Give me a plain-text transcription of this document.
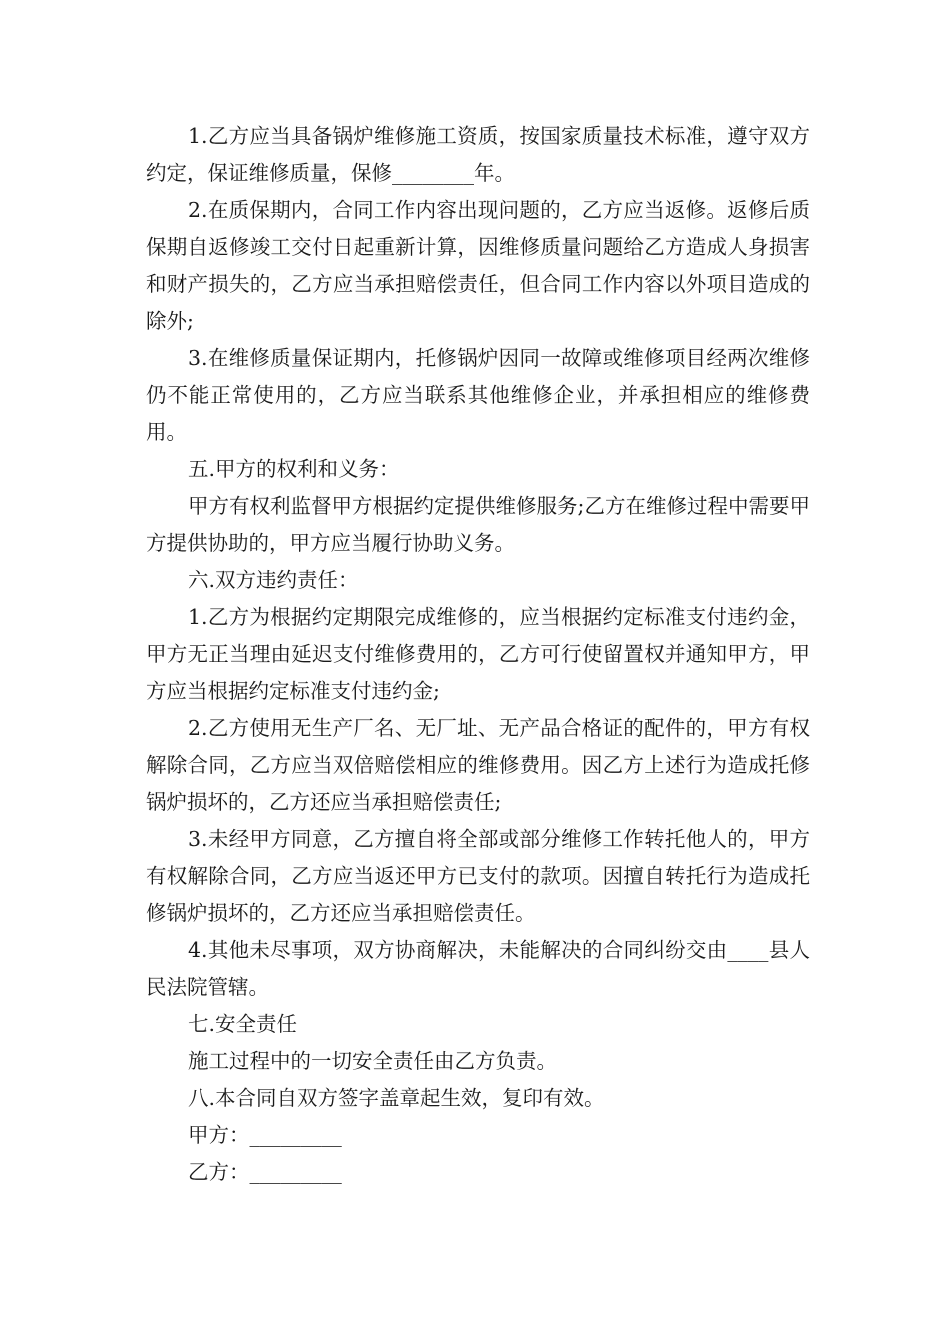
1.乙方应当具备锅炉维修施工资质，按国家质量技术标准，遵守双方约定，保证维修质量，保修________年。

2.在质保期内，合同工作内容出现问题的，乙方应当返修。返修后质保期自返修竣工交付日起重新计算，因维修质量问题给乙方造成人身损害和财产损失的，乙方应当承担赔偿责任，但合同工作内容以外项目造成的除外;

3.在维修质量保证期内，托修锅炉因同一故障或维修项目经两次维修仍不能正常使用的，乙方应当联系其他维修企业，并承担相应的维修费用。

五.甲方的权利和义务：

甲方有权利监督甲方根据约定提供维修服务;乙方在维修过程中需要甲方提供协助的，甲方应当履行协助义务。

六.双方违约责任：

1.乙方为根据约定期限完成维修的，应当根据约定标准支付违约金，甲方无正当理由延迟支付维修费用的，乙方可行使留置权并通知甲方，甲方应当根据约定标准支付违约金;

2.乙方使用无生产厂名、无厂址、无产品合格证的配件的，甲方有权解除合同，乙方应当双倍赔偿相应的维修费用。因乙方上述行为造成托修锅炉损坏的，乙方还应当承担赔偿责任;

3.未经甲方同意，乙方擅自将全部或部分维修工作转托他人的，甲方有权解除合同，乙方应当返还甲方已支付的款项。因擅自转托行为造成托修锅炉损坏的，乙方还应当承担赔偿责任。

4.其他未尽事项，双方协商解决，未能解决的合同纠纷交由____县人民法院管辖。

七.安全责任

施工过程中的一切安全责任由乙方负责。

八.本合同自双方签字盖章起生效，复印有效。

甲方：_________

乙方：_________
